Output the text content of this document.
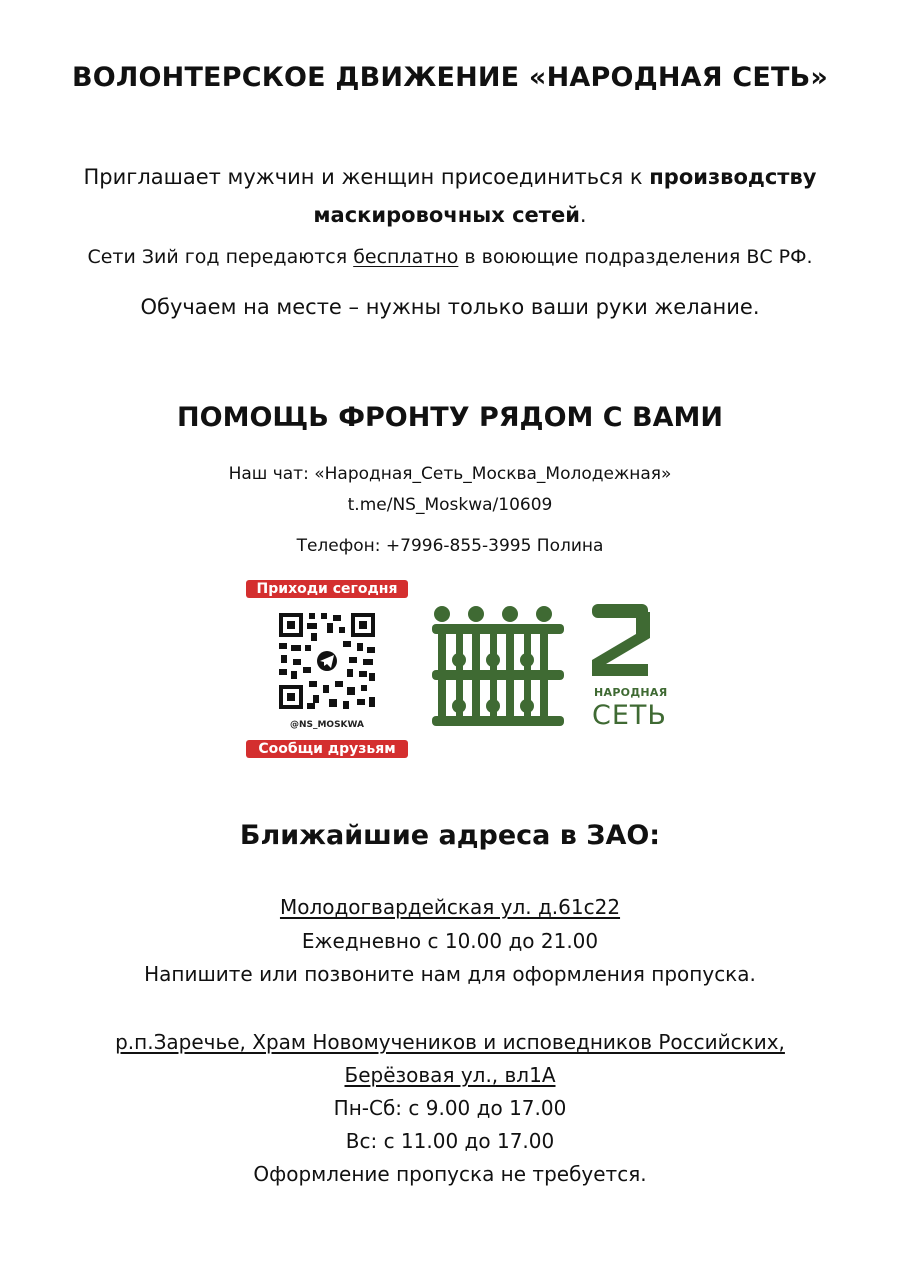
ВОЛОНТЕРСКОЕ ДВИЖЕНИЕ «НАРОДНАЯ СЕТЬ»
Приглашает мужчин и женщин присоединиться к производству
маскировочных сетей.
Сети Зий год передаются бесплатно в воюющие подразделения ВС РФ.
Обучаем на месте – нужны только ваши руки желание.
ПОМОЩЬ ФРОНТУ РЯДОМ С ВАМИ
Наш чат: «Народная_Сеть_Москва_Молодежная»
t.me/NS_Moskwa/10609
Телефон: +7996-855-3995 Полина
Приходи сегодня
@NS_MOSKWA
Сообщи друзьям
НАРОДНАЯ
СЕТЬ
Ближайшие адреса в ЗАО:
Молодогвардейская ул. д.61с22
Ежедневно с 10.00 до 21.00
Напишите или позвоните нам для оформления пропуска.
р.п.Заречье, Храм Новомучеников и исповедников Российских,
Берёзовая ул., вл1А
Пн-Сб: с 9.00 до 17.00
Вс: с 11.00 до 17.00
Оформление пропуска не требуется.
